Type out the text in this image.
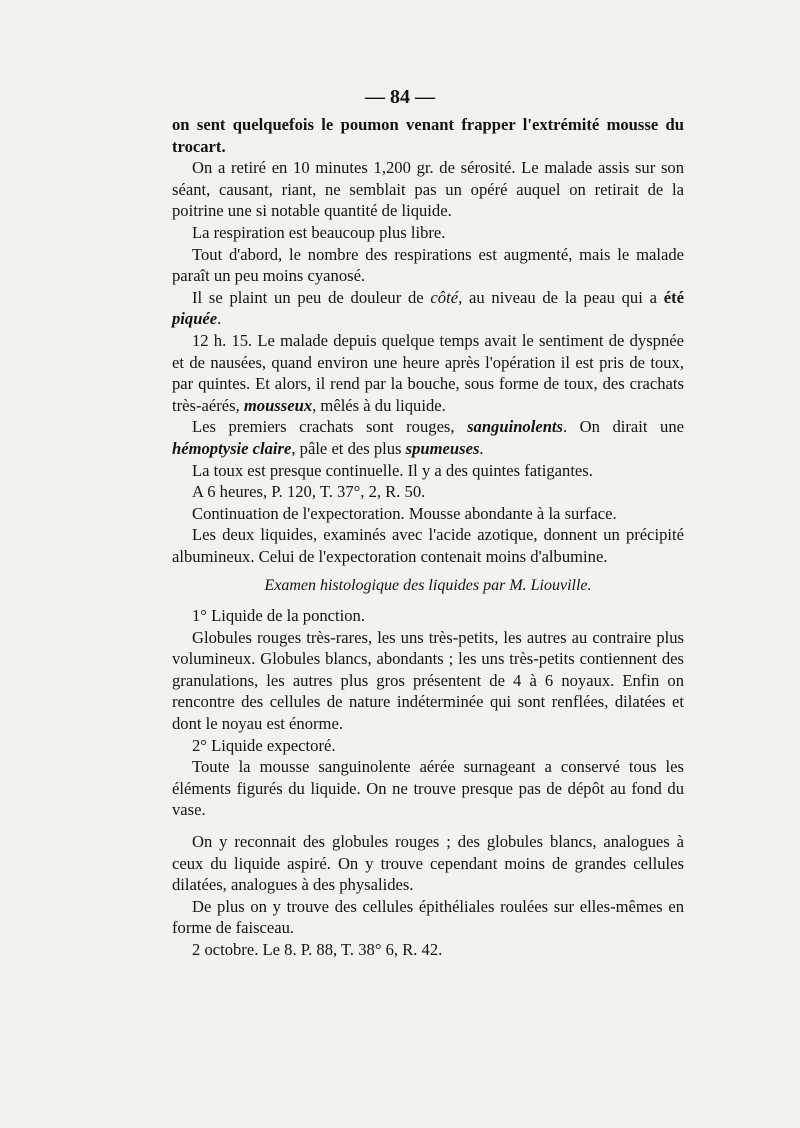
— 84 —

on sent quelquefois le poumon venant frapper l'extrémité mousse du trocart.

On a retiré en 10 minutes 1,200 gr. de sérosité. Le malade assis sur son séant, causant, riant, ne semblait pas un opéré auquel on retirait de la poitrine une si notable quantité de liquide.

La respiration est beaucoup plus libre.

Tout d'abord, le nombre des respirations est augmenté, mais le malade paraît un peu moins cyanosé.

Il se plaint un peu de douleur de côté, au niveau de la peau qui a été piquée.

12 h. 15. Le malade depuis quelque temps avait le sentiment de dyspnée et de nausées, quand environ une heure après l'opération il est pris de toux, par quintes. Et alors, il rend par la bouche, sous forme de toux, des crachats très-aérés, mousseux, mêlés à du liquide.

Les premiers crachats sont rouges, sanguinolents. On dirait une hémoptysie claire, pâle et des plus spumeuses.

La toux est presque continuelle. Il y a des quintes fatigantes.

A 6 heures, P. 120, T. 37°, 2, R. 50.

Continuation de l'expectoration. Mousse abondante à la surface.

Les deux liquides, examinés avec l'acide azotique, donnent un précipité albumineux. Celui de l'expectoration contenait moins d'albumine.

Examen histologique des liquides par M. Liouville.

1° Liquide de la ponction.

Globules rouges très-rares, les uns très-petits, les autres au contraire plus volumineux. Globules blancs, abondants ; les uns très-petits contiennent des granulations, les autres plus gros présentent de 4 à 6 noyaux. Enfin on rencontre des cellules de nature indéterminée qui sont renflées, dilatées et dont le noyau est énorme.

2° Liquide expectoré.

Toute la mousse sanguinolente aérée surnageant a conservé tous les éléments figurés du liquide. On ne trouve presque pas de dépôt au fond du vase.

On y reconnait des globules rouges ; des globules blancs, analogues à ceux du liquide aspiré. On y trouve cependant moins de grandes cellules dilatées, analogues à des physalides.

De plus on y trouve des cellules épithéliales roulées sur elles-mêmes en forme de faisceau.

2 octobre. Le 8. P. 88, T. 38° 6, R. 42.
